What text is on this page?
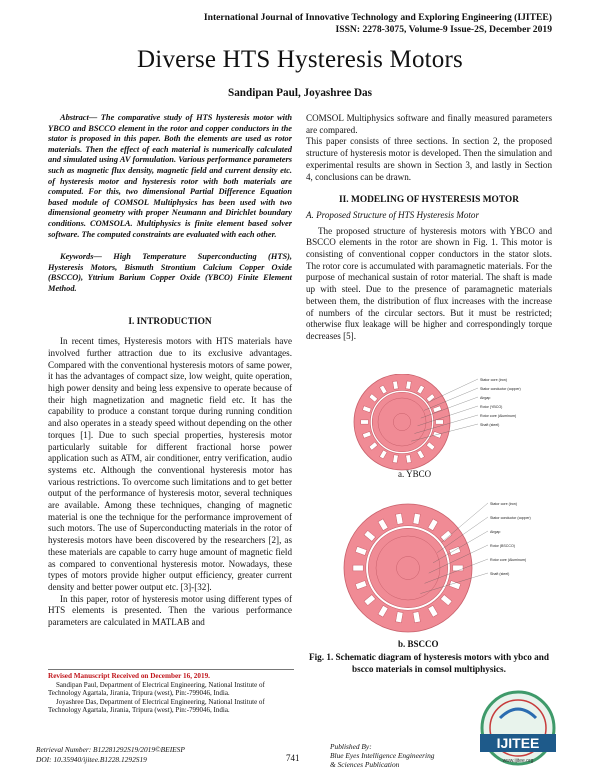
International Journal of Innovative Technology and Exploring Engineering (IJITEE)
ISSN: 2278-3075, Volume-9 Issue-2S, December 2019
Diverse HTS Hysteresis Motors
Sandipan Paul, Joyashree Das

Abstract— The comparative study of HTS hysteresis motor with YBCO and BSCCO element in the rotor and copper conductors in the stator is proposed in this paper. Both the elements are used as rotor materials. Then the effect of each material is numerically calculated and simulated using AV formulation. Various performance parameters such as magnetic flux density, magnetic field and current density etc. of hysteresis motor and hysteresis rotor with both materials are computed. For this, two dimensional Partial Difference Equation based module of COMSOL Multiphysics has been used with two dimensional geometry with proper Neumann and Dirichlet boundary conditions. COMSOLA. Multiphysics is finite element based solver software. The computed constraints are evaluated with each other.

Keywords— High Temperature Superconducting (HTS), Hysteresis Motors, Bismuth Strontium Calcium Copper Oxide (BSCCO), Yttrium Barium Copper Oxide (YBCO) Finite Element Method.

I. INTRODUCTION

In recent times, Hysteresis motors with HTS materials have involved further attraction due to its exclusive advantages. Compared with the conventional hysteresis motors of same power, it has the advantages of compact size, low weight, quite operation, high power density and being less expensive to operate because of their high magnetization and magnetic field etc. It has the capability to produce a constant torque during running condition and also operates in a steady speed without depending on the other torques [1]. Due to such special properties, hysteresis motor particularly suitable for different fractional horse power application such as ATM, air conditioner, entry verification, audio systems etc. Although the conventional hysteresis motor has various restrictions. To overcome such limitations and to get better output of the performance of hysteresis motor, several techniques are available. Among these techniques, changing of magnetic material is one the technique for the performance improvement of such motors. The use of Superconducting materials in the rotor of hysteresis motors have been discovered by the researchers [2], as these materials are capable to carry huge amount of magnetic field as compared to conventional hysteresis motor. Nowadays, these types of motors provide higher output efficiency, greater current density and better power output etc. [3]-[32].

In this paper, rotor of hysteresis motor using different types of HTS elements is presented. Then the various performance parameters are calculated in MATLAB and

Revised Manuscript Received on December 16, 2019.
Sandipan Paul, Department of Electrical Engineering, National Institute of Technology Agartala, Jirania, Tripura (west), Pin:-799046, India.
Joyashree Das, Department of Electrical Engineering, National Institute of Technology Agartala, Jirania, Tripura (west), Pin:-799046, India.

COMSOL Multiphysics software and finally measured parameters are compared.

This paper consists of three sections. In section 2, the proposed structure of hysteresis motor is developed. Then the simulation and experimental results are shown in Section 3, and lastly in Section 4, conclusions can be drawn.

II. MODELING OF HYSTERESIS MOTOR

A. Proposed Structure of HTS Hysteresis Motor

The proposed structure of hysteresis motors with YBCO and BSCCO elements in the rotor are shown in Fig. 1. This motor is consisting of conventional copper conductors in the stator slots. The rotor core is accumulated with paramagnetic materials. For the purpose of mechanical sustain of rotor material. The shaft is made up with steel. Due to the presence of paramagnetic materials between them, the distribution of flux increases with the increase of numbers of the circular sectors. But it must be restricted; otherwise flux leakage will be higher and correspondingly torque decreases [5].

Stator core (iron)
Stator conductor (copper)
Airgap
Rotor (YBCO)
Rotor core (Aluminum)
Shaft (steel)
a. YBCO
Stator core (iron)
Stator conductor (copper)
Airgap
Rotor (BSCCO)
Rotor core (Aluminum)
Shaft (steel)
b. BSCCO
Fig. 1. Schematic diagram of hysteresis motors with ybco and bscco materials in comsol multiphysics.
Retrieval Number: B12281292S19/2019©BEIESP
DOI: 10.35940/ijitee.B1228.1292S19	741
Published By:
Blue Eyes Intelligence Engineering
& Sciences Publication
IJITEE
www.ijitee.org
